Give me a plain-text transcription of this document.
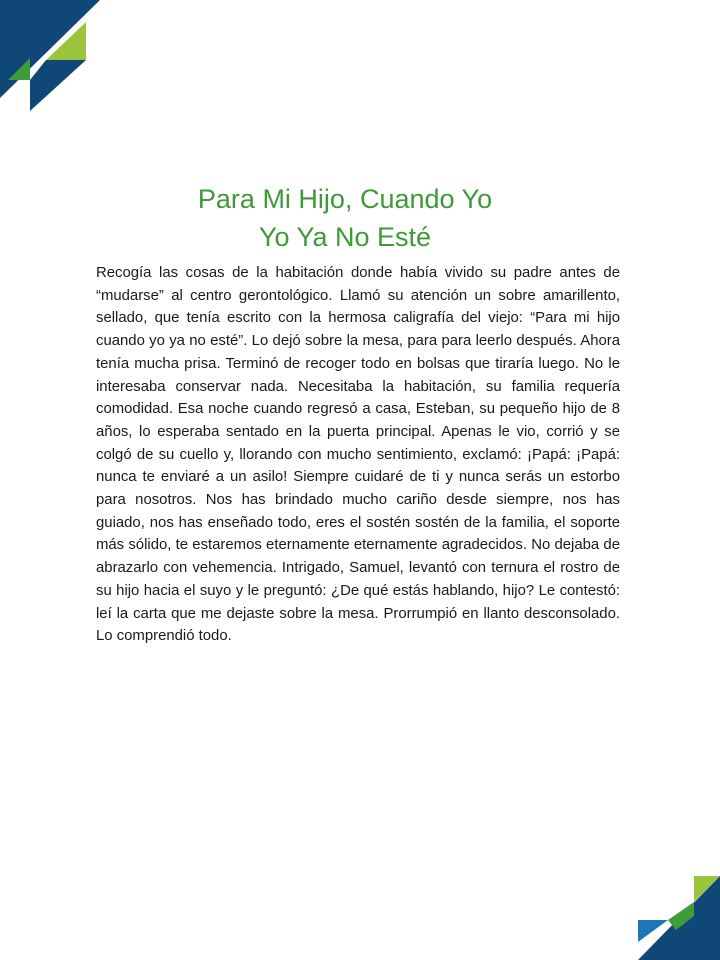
Para Mi Hijo, Cuando Yo
Yo Ya No Esté

Recogía las cosas de la habitación donde había vivido su padre antes de “mudarse” al centro gerontológico. Llamó su atención un sobre amarillento, sellado, que tenía escrito con la hermosa caligrafía del viejo: “Para mi hijo cuando yo ya no esté”. Lo dejó sobre la mesa, para para leerlo después. Ahora tenía mucha prisa. Terminó de recoger todo en bolsas que tiraría luego. No le interesaba conservar nada. Necesitaba la habitación, su familia requería comodidad. Esa noche cuando regresó a casa, Esteban, su pequeño hijo de 8 años, lo esperaba sentado en la puerta principal. Apenas le vio, corrió y se colgó de su cuello y, llorando con mucho sentimiento, exclamó: ¡Papá: ¡Papá: nunca te enviaré a un asilo! Siempre cuidaré de ti y nunca serás un estorbo para nosotros. Nos has brindado mucho cariño desde siempre, nos has guiado, nos has enseñado todo, eres el sostén sostén de la familia, el soporte más sólido, te estaremos eternamente eternamente agradecidos. No dejaba de abrazarlo con vehemencia. Intrigado, Samuel, levantó con ternura el rostro de su hijo hacia el suyo y le preguntó: ¿De qué estás hablando, hijo? Le contestó: leí la carta que me dejaste sobre la mesa. Prorrumpió en llanto desconsolado. Lo comprendió todo.
